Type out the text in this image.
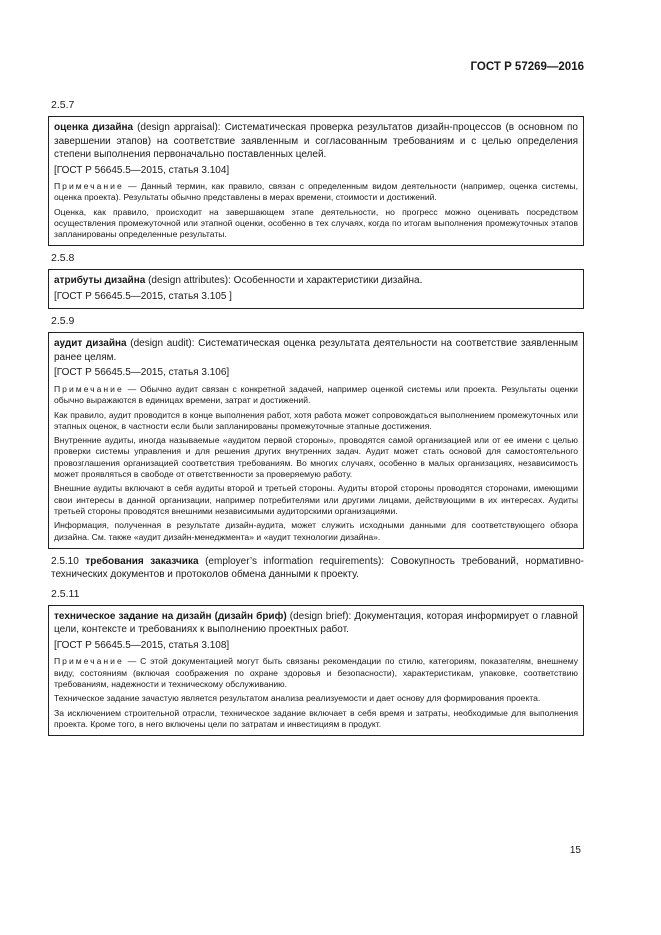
ГОСТ Р 57269—2016
2.5.7

оценка дизайна (design appraisal): Систематическая проверка результатов дизайн-процессов (в основном по завершении этапов) на соответствие заявленным и согласованным требованиям и с целью определения степени выполнения первоначально поставленных целей.

[ГОСТ Р 56645.5—2015, статья 3.104]

Примечание — Данный термин, как правило, связан с определенным видом деятельности (например, оценка системы, оценка проекта). Результаты обычно представлены в мерах времени, стоимости и достижений.

Оценка, как правило, происходит на завершающем этапе деятельности, но прогресс можно оценивать посредством осуществления промежуточной или этапной оценки, особенно в тех случаях, когда по итогам выполнения промежуточных этапов запланированы определенные результаты.

2.5.8

атрибуты дизайна (design attributes): Особенности и характеристики дизайна.

[ГОСТ Р 56645.5—2015, статья 3.105 ]

2.5.9

аудит дизайна (design audit): Систематическая оценка результата деятельности на соответствие заявленным ранее целям.

[ГОСТ Р 56645.5—2015, статья 3.106]

Примечание — Обычно аудит связан с конкретной задачей, например оценкой системы или проекта. Результаты оценки обычно выражаются в единицах времени, затрат и достижений.

Как правило, аудит проводится в конце выполнения работ, хотя работа может сопровождаться выполнением промежуточных или этапных оценок, в частности если были запланированы промежуточные этапные достижения.

Внутренние аудиты, иногда называемые «аудитом первой стороны», проводятся самой организацией или от ее имени с целью проверки системы управления и для решения других внутренних задач. Аудит может стать основой для самостоятельного провозглашения организацией соответствия требованиям. Во многих случаях, особенно в малых организациях, независимость может проявляться в свободе от ответственности за проверяемую работу.

Внешние аудиты включают в себя аудиты второй и третьей стороны. Аудиты второй стороны проводятся сторонами, имеющими свои интересы в данной организации, например потребителями или другими лицами, действующими в их интересах. Аудиты третьей стороны проводятся внешними независимыми аудиторскими организациями.

Информация, полученная в результате дизайн-аудита, может служить исходными данными для соответствующего обзора дизайна. См. также «аудит дизайн-менеджмента» и «аудит технологии дизайна».

2.5.10 требования заказчика (employer’s information requirements): Совокупность требований, нормативно-технических документов и протоколов обмена данными к проекту.

2.5.11

техническое задание на дизайн (дизайн бриф) (design brief): Документация, которая информирует о главной цели, контексте и требованиях к выполнению проектных работ.

[ГОСТ Р 56645.5—2015, статья 3.108]

Примечание — С этой документацией могут быть связаны рекомендации по стилю, категориям, показателям, внешнему виду, состояниям (включая соображения по охране здоровья и безопасности), характеристикам, упаковке, соответствию требованиям, надежности и техническому обслуживанию.

Техническое задание зачастую является результатом анализа реализуемости и дает основу для формирования проекта.

За исключением строительной отрасли, техническое задание включает в себя время и затраты, необходимые для выполнения проекта. Кроме того, в него включены цели по затратам и инвестициям в продукт.

15
